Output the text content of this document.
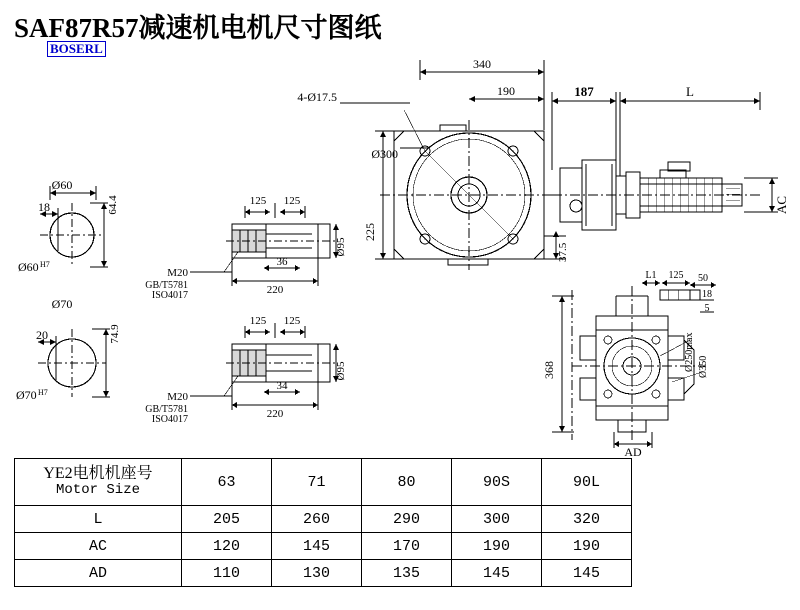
SAF87R57减速机电机尺寸图纸
BOSERL
340
190	187	L
4-Ø17.5
Ø300
225
37.5
AC
Ø60
64.4
18
Ø60 H7
Ø70
74.9
20
Ø70 H7
125 125
36
220
Ø95
M20
GB/T5781
ISO4017
125 125
34
220
Ø95
M20
GB/T5781
ISO4017
L1 125 50
18
5
368	Ø250max Ø350
AD
YE2电机机座号
Motor Size	63	71	80	90S	90L
L	205	260	290	300	320
AC	120	145	170	190	190
AD	110	130	135	145	145
